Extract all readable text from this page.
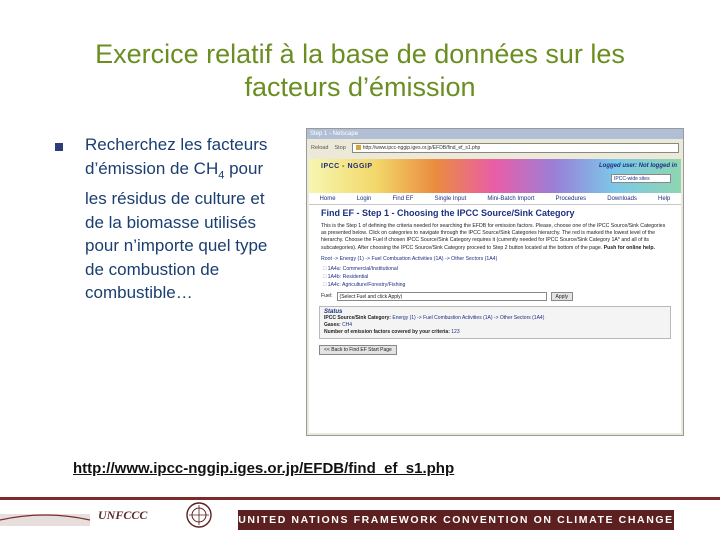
Exercice relatif à la base de données sur les
facteurs d’émission
Recherchez les facteurs d’émission de $CH_4$ pour les résidus de culture et de la biomasse utilisés pour n’importe quel type de combustion de combustible…
Step 1 - Netscape
Reload Stop	http://www.ipcc-nggip.iges.or.jp/EFDB/find_ef_s1.php
IPCC - NGGIP	Logged user: Not logged in
IPCC-wide sites
Home	Login	Find EF	Single Input	Mini-Batch Import	Procedures	Downloads	Help
Find EF - Step 1 - Choosing the IPCC Source/Sink Category
This is the Step 1 of defining the criteria needed for searching the EFDB for emission factors. Please, choose one of the IPCC Source/Sink Categories as presented below. Click on categories to navigate through the IPCC Source/Sink Categories hierarchy. The red is marked the lowest level of the hierarchy. Choose the Fuel if chosen IPCC Source/Sink Category requires it (currently needed for IPCC Source/Sink Category 1A* and all of its subcategories). After choosing the IPCC Source/Sink Category proceed to Step 2 button located at the bottom of the page. Push for online help.
Root -> Energy (1) -> Fuel Combustion Activities (1A) -> Other Sectors (1A4)
□ 1A4a: Commercial/Institutional
□ 1A4b: Residential
□ 1A4c: Agriculture/Forestry/Fishing
Fuel:	(Select Fuel and click Apply)	Apply
Status
IPCC Source/Sink Category: Energy (1) -> Fuel Combustion Activities (1A) -> Other Sectors (1A4)
Gases: CH4
Number of emission factors covered by your criteria: 123
<< Back to Find EF Start Page
http://www.ipcc-nggip.iges.or.jp/EFDB/find_ef_s1.php
UNFCCC	UNITED NATIONS FRAMEWORK CONVENTION ON CLIMATE CHANGE 47
